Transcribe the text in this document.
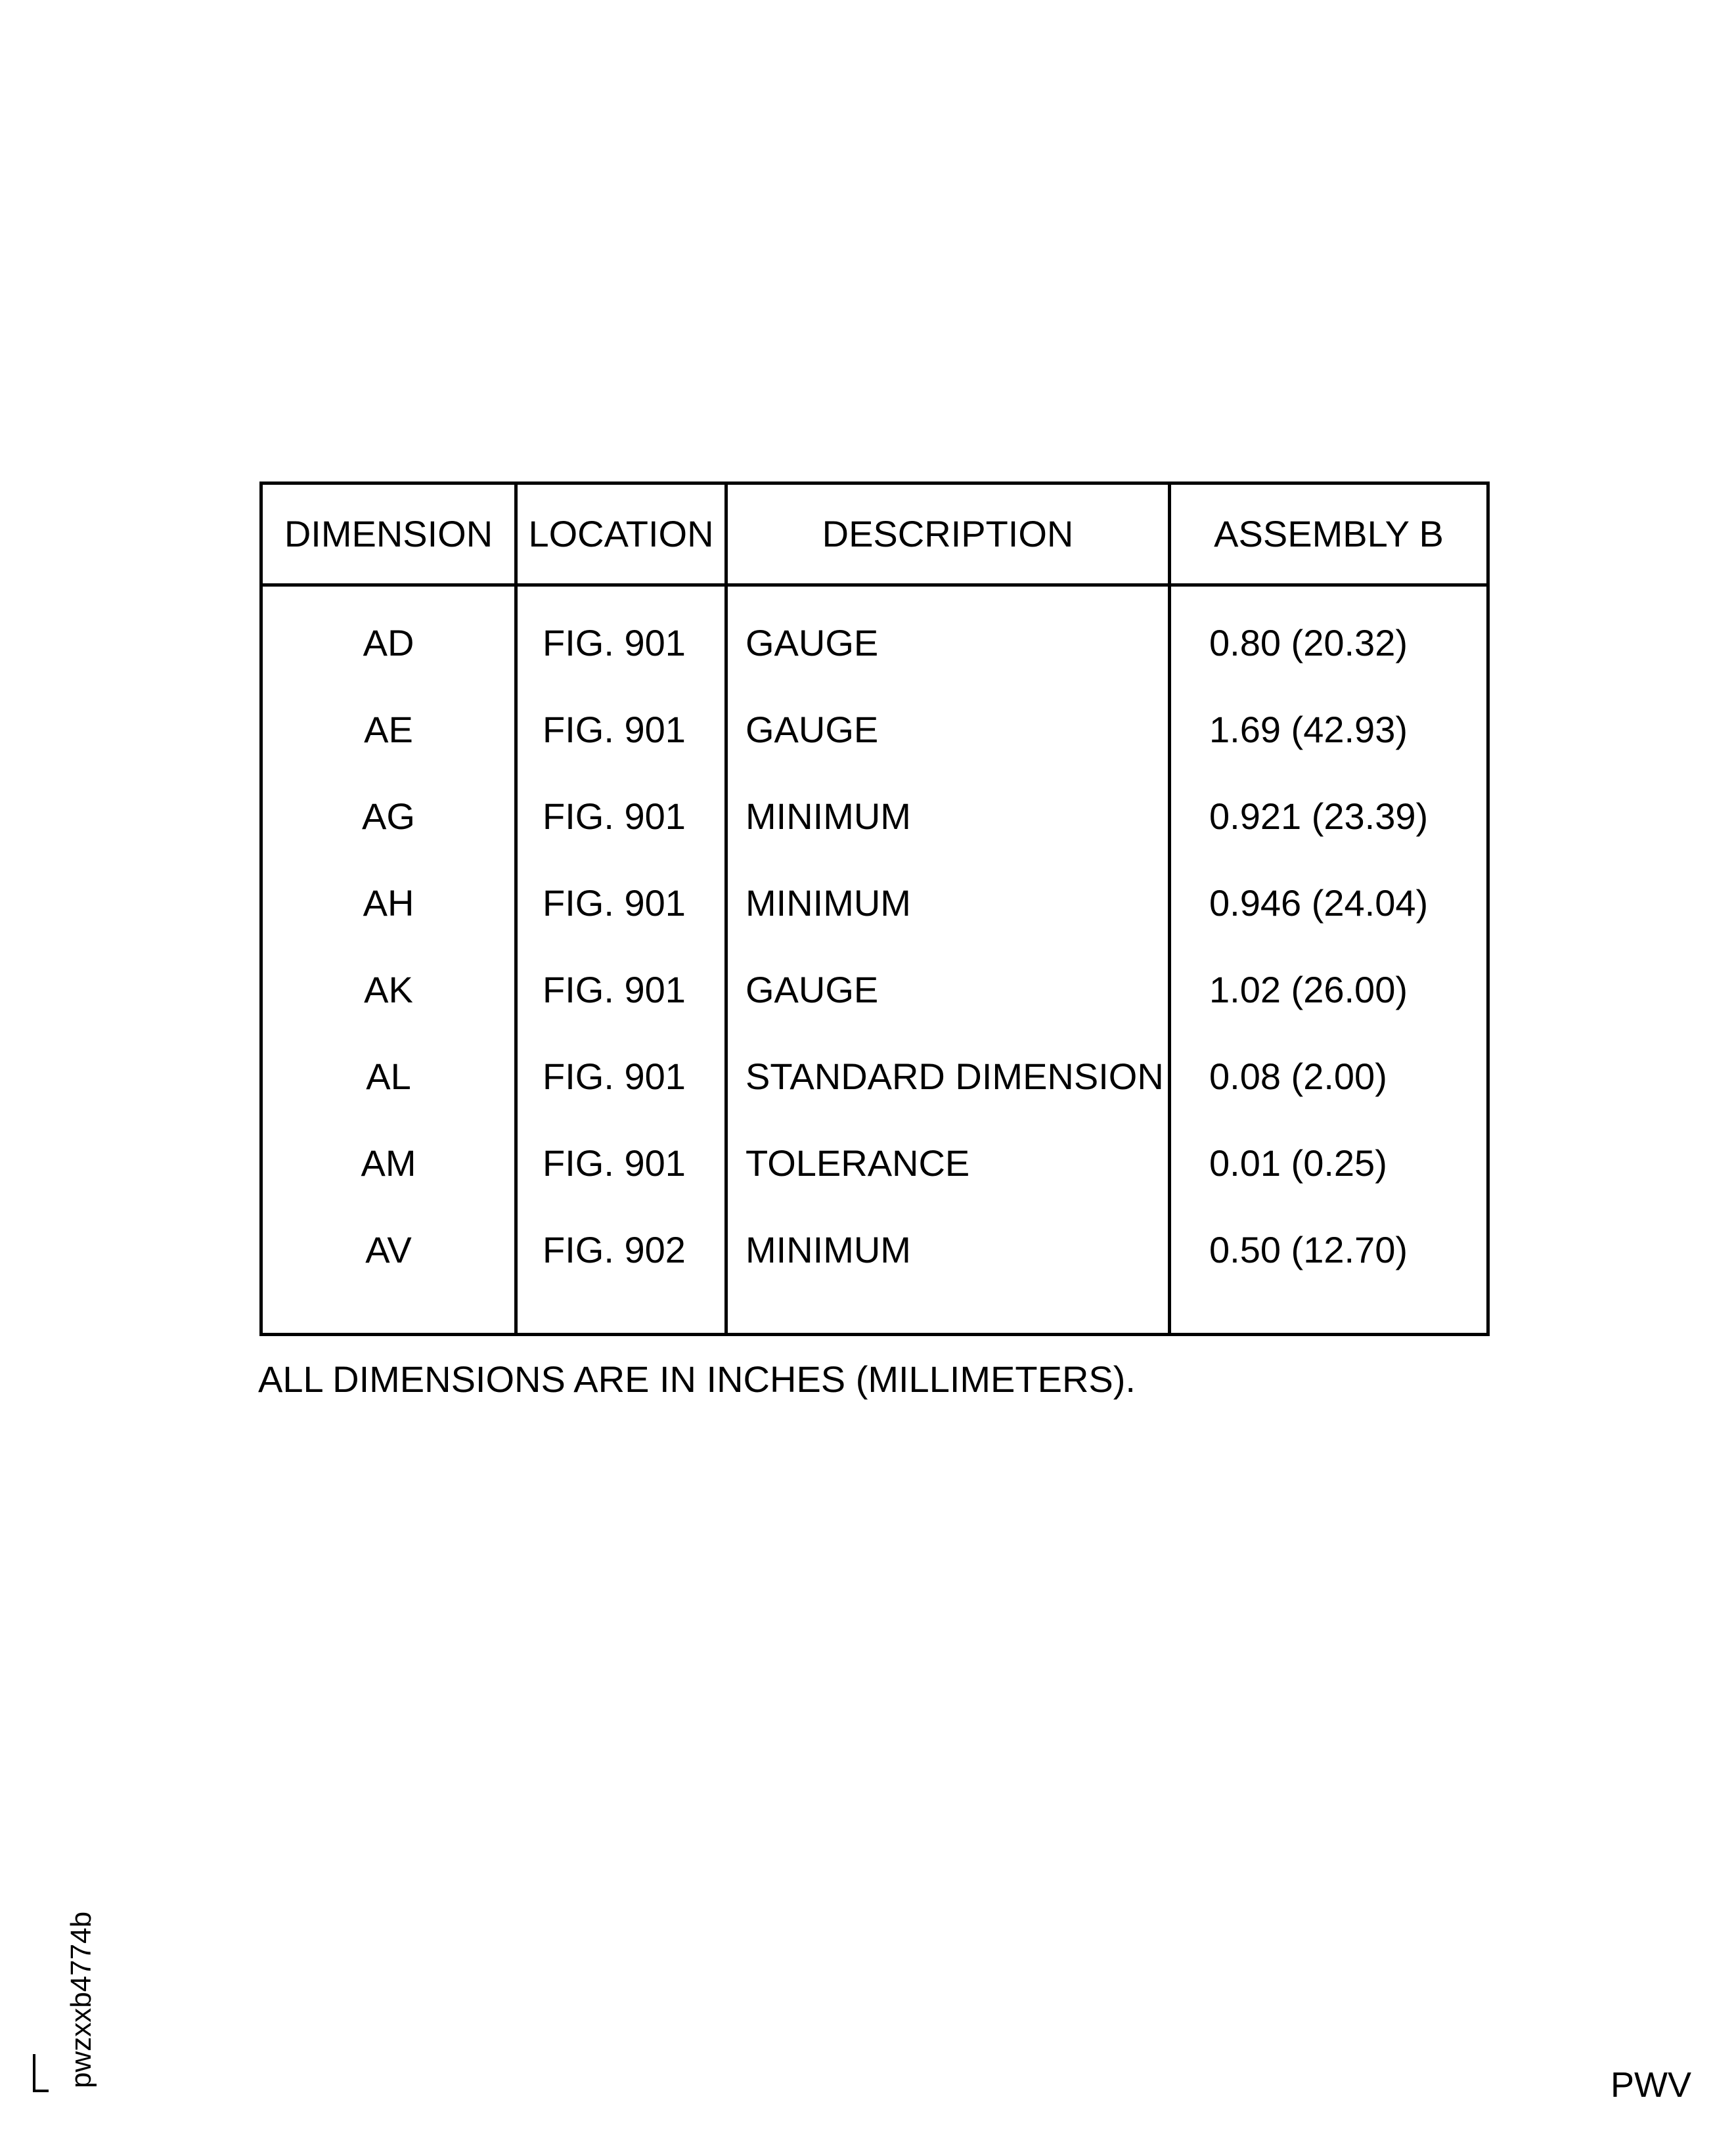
DIMENSION	LOCATION	DESCRIPTION	ASSEMBLY B
AD	FIG. 901	GAUGE	0.80 (20.32)
AE	FIG. 901	GAUGE	1.69 (42.93)
AG	FIG. 901	MINIMUM	0.921 (23.39)
AH	FIG. 901	MINIMUM	0.946 (24.04)
AK	FIG. 901	GAUGE	1.02 (26.00)
AL	FIG. 901	STANDARD DIMENSION	0.08 (2.00)
AM	FIG. 901	TOLERANCE	0.01 (0.25)
AV	FIG. 902	MINIMUM	0.50 (12.70)
ALL DIMENSIONS ARE IN INCHES (MILLIMETERS).
pwzxxb4774b	PWV
